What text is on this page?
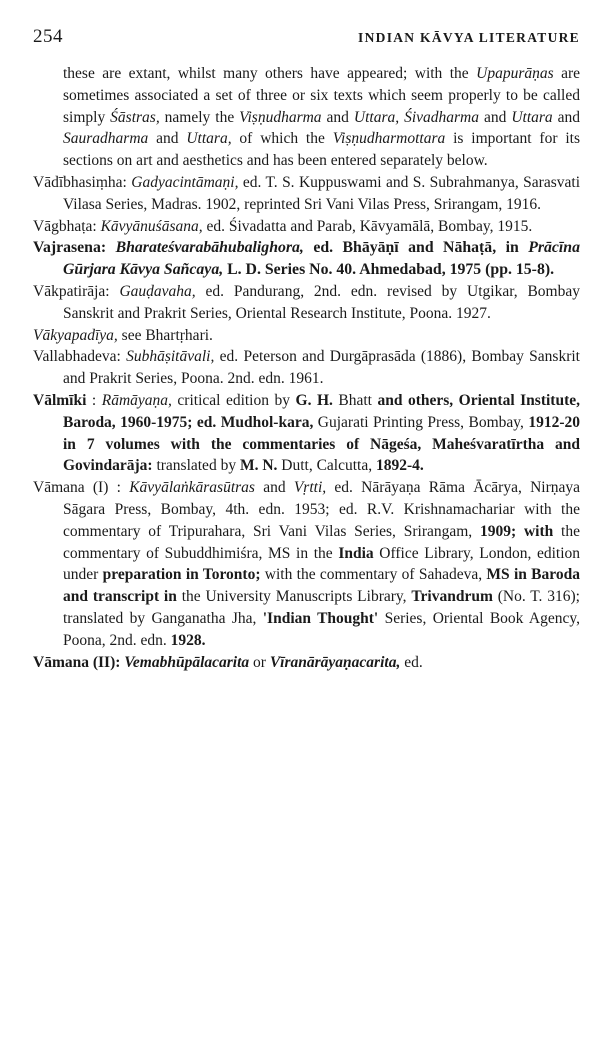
254	INDIAN KĀVYA LITERATURE

these are extant, whilst many others have appeared; with the Upapurāṇas are sometimes associated a set of three or six texts which seem properly to be called simply Śāstras, namely the Viṣṇudharma and Uttara, Śivadharma and Uttara and Sauradharma and Uttara, of which the Viṣṇudharmottara is important for its sections on art and aesthetics and has been entered separately below.

Vādībhasiṃha: Gadyacintāmaṇi, ed. T. S. Kuppuswami and S. Subrahmanya, Sarasvati Vilasa Series, Madras. 1902, reprinted Sri Vani Vilas Press, Srirangam, 1916.

Vāgbhaṭa: Kāvyānuśāsana, ed. Śivadatta and Parab, Kāvyamālā, Bombay, 1915.

Vajrasena: Bharateśvarabāhubalighora, ed. Bhāyāṇī and Nāhaṭā, in Prācīna Gūrjara Kāvya Sañcaya, L. D. Series No. 40. Ahmedabad, 1975 (pp. 15-8).

Vākpatirāja: Gauḍavaha, ed. Pandurang, 2nd. edn. revised by Utgikar, Bombay Sanskrit and Prakrit Series, Oriental Research Institute, Poona. 1927.

Vākyapadīya, see Bhartṛhari.

Vallabhadeva: Subhāṣitāvali, ed. Peterson and Durgāprasāda (1886), Bombay Sanskrit and Prakrit Series, Poona. 2nd. edn. 1961.

Vālmīki : Rāmāyaṇa, critical edition by G. H. Bhatt and others, Oriental Institute, Baroda, 1960-1975; ed. Mudhol-kara, Gujarati Printing Press, Bombay, 1912-20 in 7 volumes with the commentaries of Nāgeśa, Maheśvaratīrtha and Govindarāja: translated by M. N. Dutt, Calcutta, 1892-4.

Vāmana (I) : Kāvyālaṅkārasūtras and Vṛtti, ed. Nārāyaṇa Rāma Ācārya, Nirṇaya Sāgara Press, Bombay, 4th. edn. 1953; ed. R.V. Krishnamachariar with the commentary of Tripurahara, Sri Vani Vilas Series, Srirangam, 1909; with the commentary of Subuddhimiśra, MS in the India Office Library, London, edition under preparation in Toronto; with the commentary of Sahadeva, MS in Baroda and transcript in the University Manuscripts Library, Trivandrum (No. T. 316); translated by Ganganatha Jha, 'Indian Thought' Series, Oriental Book Agency, Poona, 2nd. edn. 1928.

Vāmana (II): Vemabhūpālacarita or Vīranārāyaṇacarita, ed.
